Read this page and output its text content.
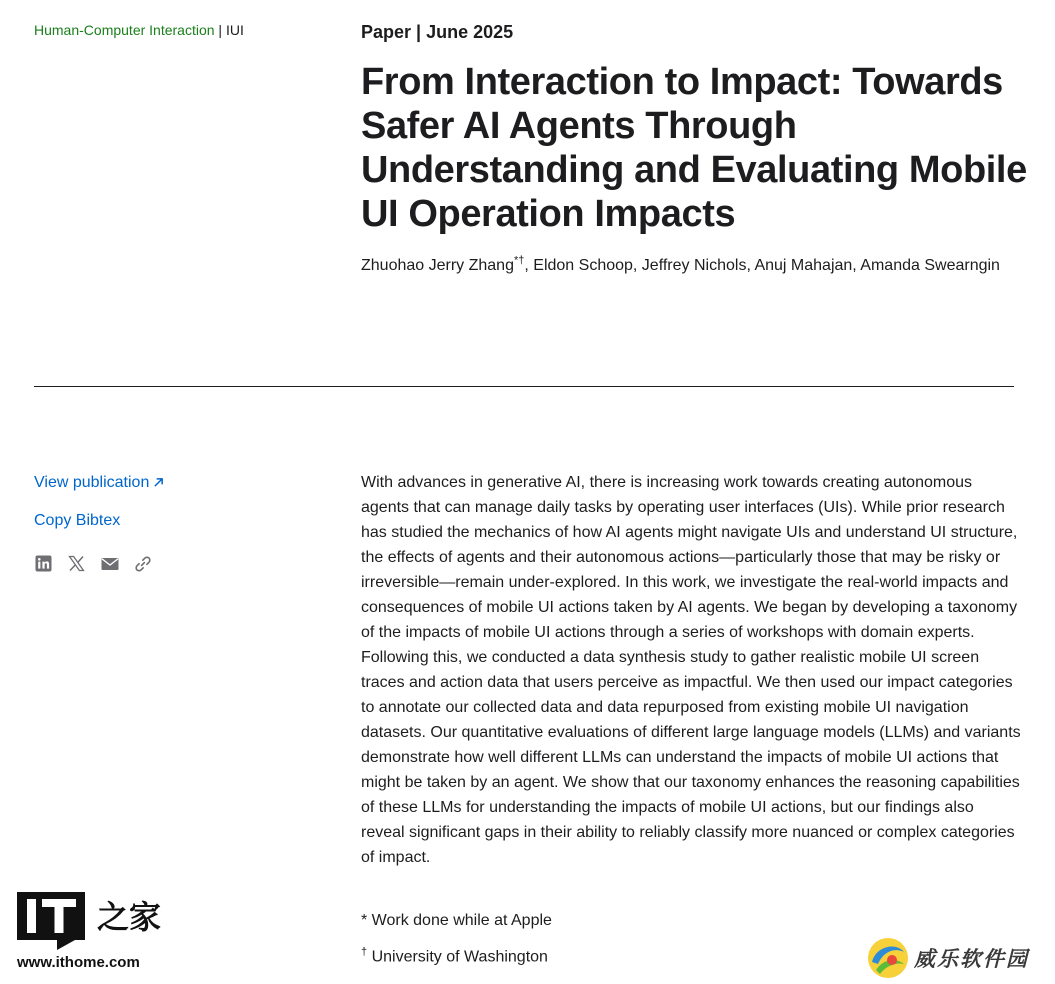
Human-Computer Interaction | IUI	Paper | June 2025
From Interaction to Impact: Towards Safer AI Agents Through Understanding and Evaluating Mobile UI Operation Impacts
Zhuohao Jerry Zhang*†, Eldon Schoop, Jeffrey Nichols, Anuj Mahajan, Amanda Swearngin
View publication
Copy Bibtex

With advances in generative AI, there is increasing work towards creating autonomous agents that can manage daily tasks by operating user interfaces (UIs). While prior research has studied the mechanics of how AI agents might navigate UIs and understand UI structure, the effects of agents and their autonomous actions—particularly those that may be risky or irreversible—remain under-explored. In this work, we investigate the real-world impacts and consequences of mobile UI actions taken by AI agents. We began by developing a taxonomy of the impacts of mobile UI actions through a series of workshops with domain experts. Following this, we conducted a data synthesis study to gather realistic mobile UI screen traces and action data that users perceive as impactful. We then used our impact categories to annotate our collected data and data repurposed from existing mobile UI navigation datasets. Our quantitative evaluations of different large language models (LLMs) and variants demonstrate how well different LLMs can understand the impacts of mobile UI actions that might be taken by an agent. We show that our taxonomy enhances the reasoning capabilities of these LLMs for understanding the impacts of mobile UI actions, but our findings also reveal significant gaps in their ability to reliably classify more nuanced or complex categories of impact.

* Work done while at Apple
† University of Washington
之家
www.ithome.com	威乐软件园
